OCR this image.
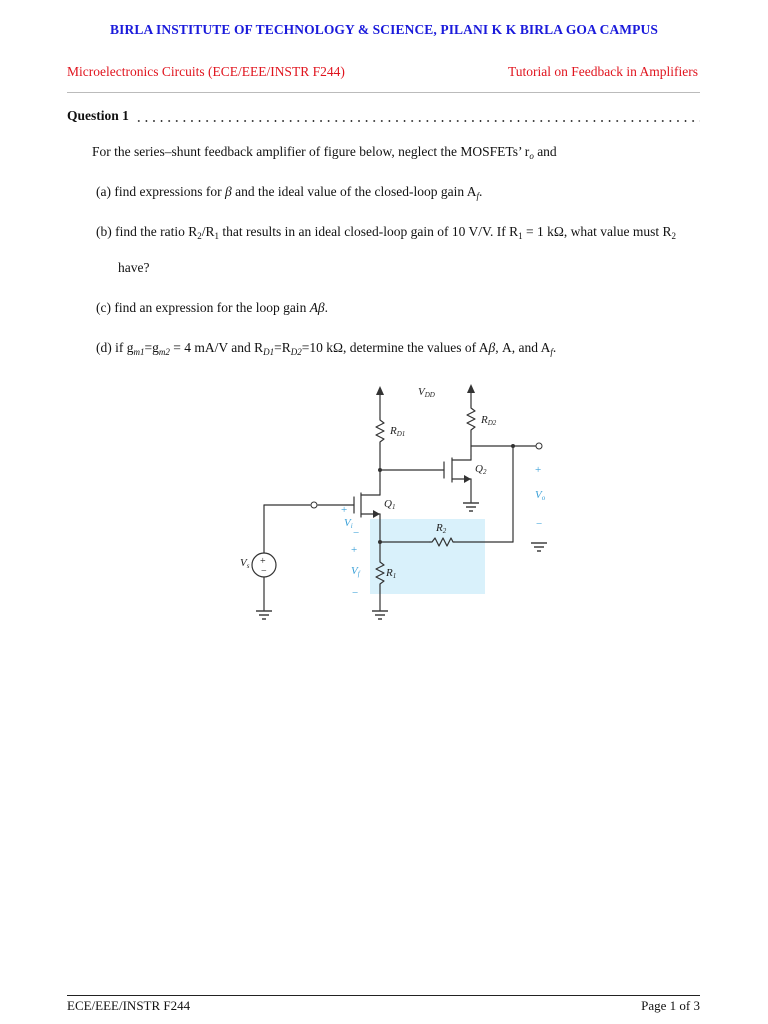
BIRLA INSTITUTE OF TECHNOLOGY & SCIENCE, PILANI K K BIRLA GOA CAMPUS
Microelectronics Circuits (ECE/EEE/INSTR F244)	Tutorial on Feedback in Amplifiers
Question 1
For the series–shunt feedback amplifier of figure below, neglect the MOSFETs’ $r_o$ and
(a) find expressions for β and the ideal value of the closed-loop gain $A_f$.
(b) find the ratio $R_2/R_1$ that results in an ideal closed-loop gain of 10 V/V. If $R_1 = 1$ kΩ, what value must $R_2$
have?
(c) find an expression for the loop gain Aβ.
(d) if $g_{m1}=g_{m2} = 4$ mA/V and $R_{D1}=R_{D2}=10$ kΩ, determine the values of Aβ, A, and $A_f$.
VDD
RD1
RD2
Q2
Q1
R2
R1
Vs +
−
+
Vi
−
+
Vf
−
+
Vo
−
ECE/EEE/INSTR F244	Page 1 of 3
